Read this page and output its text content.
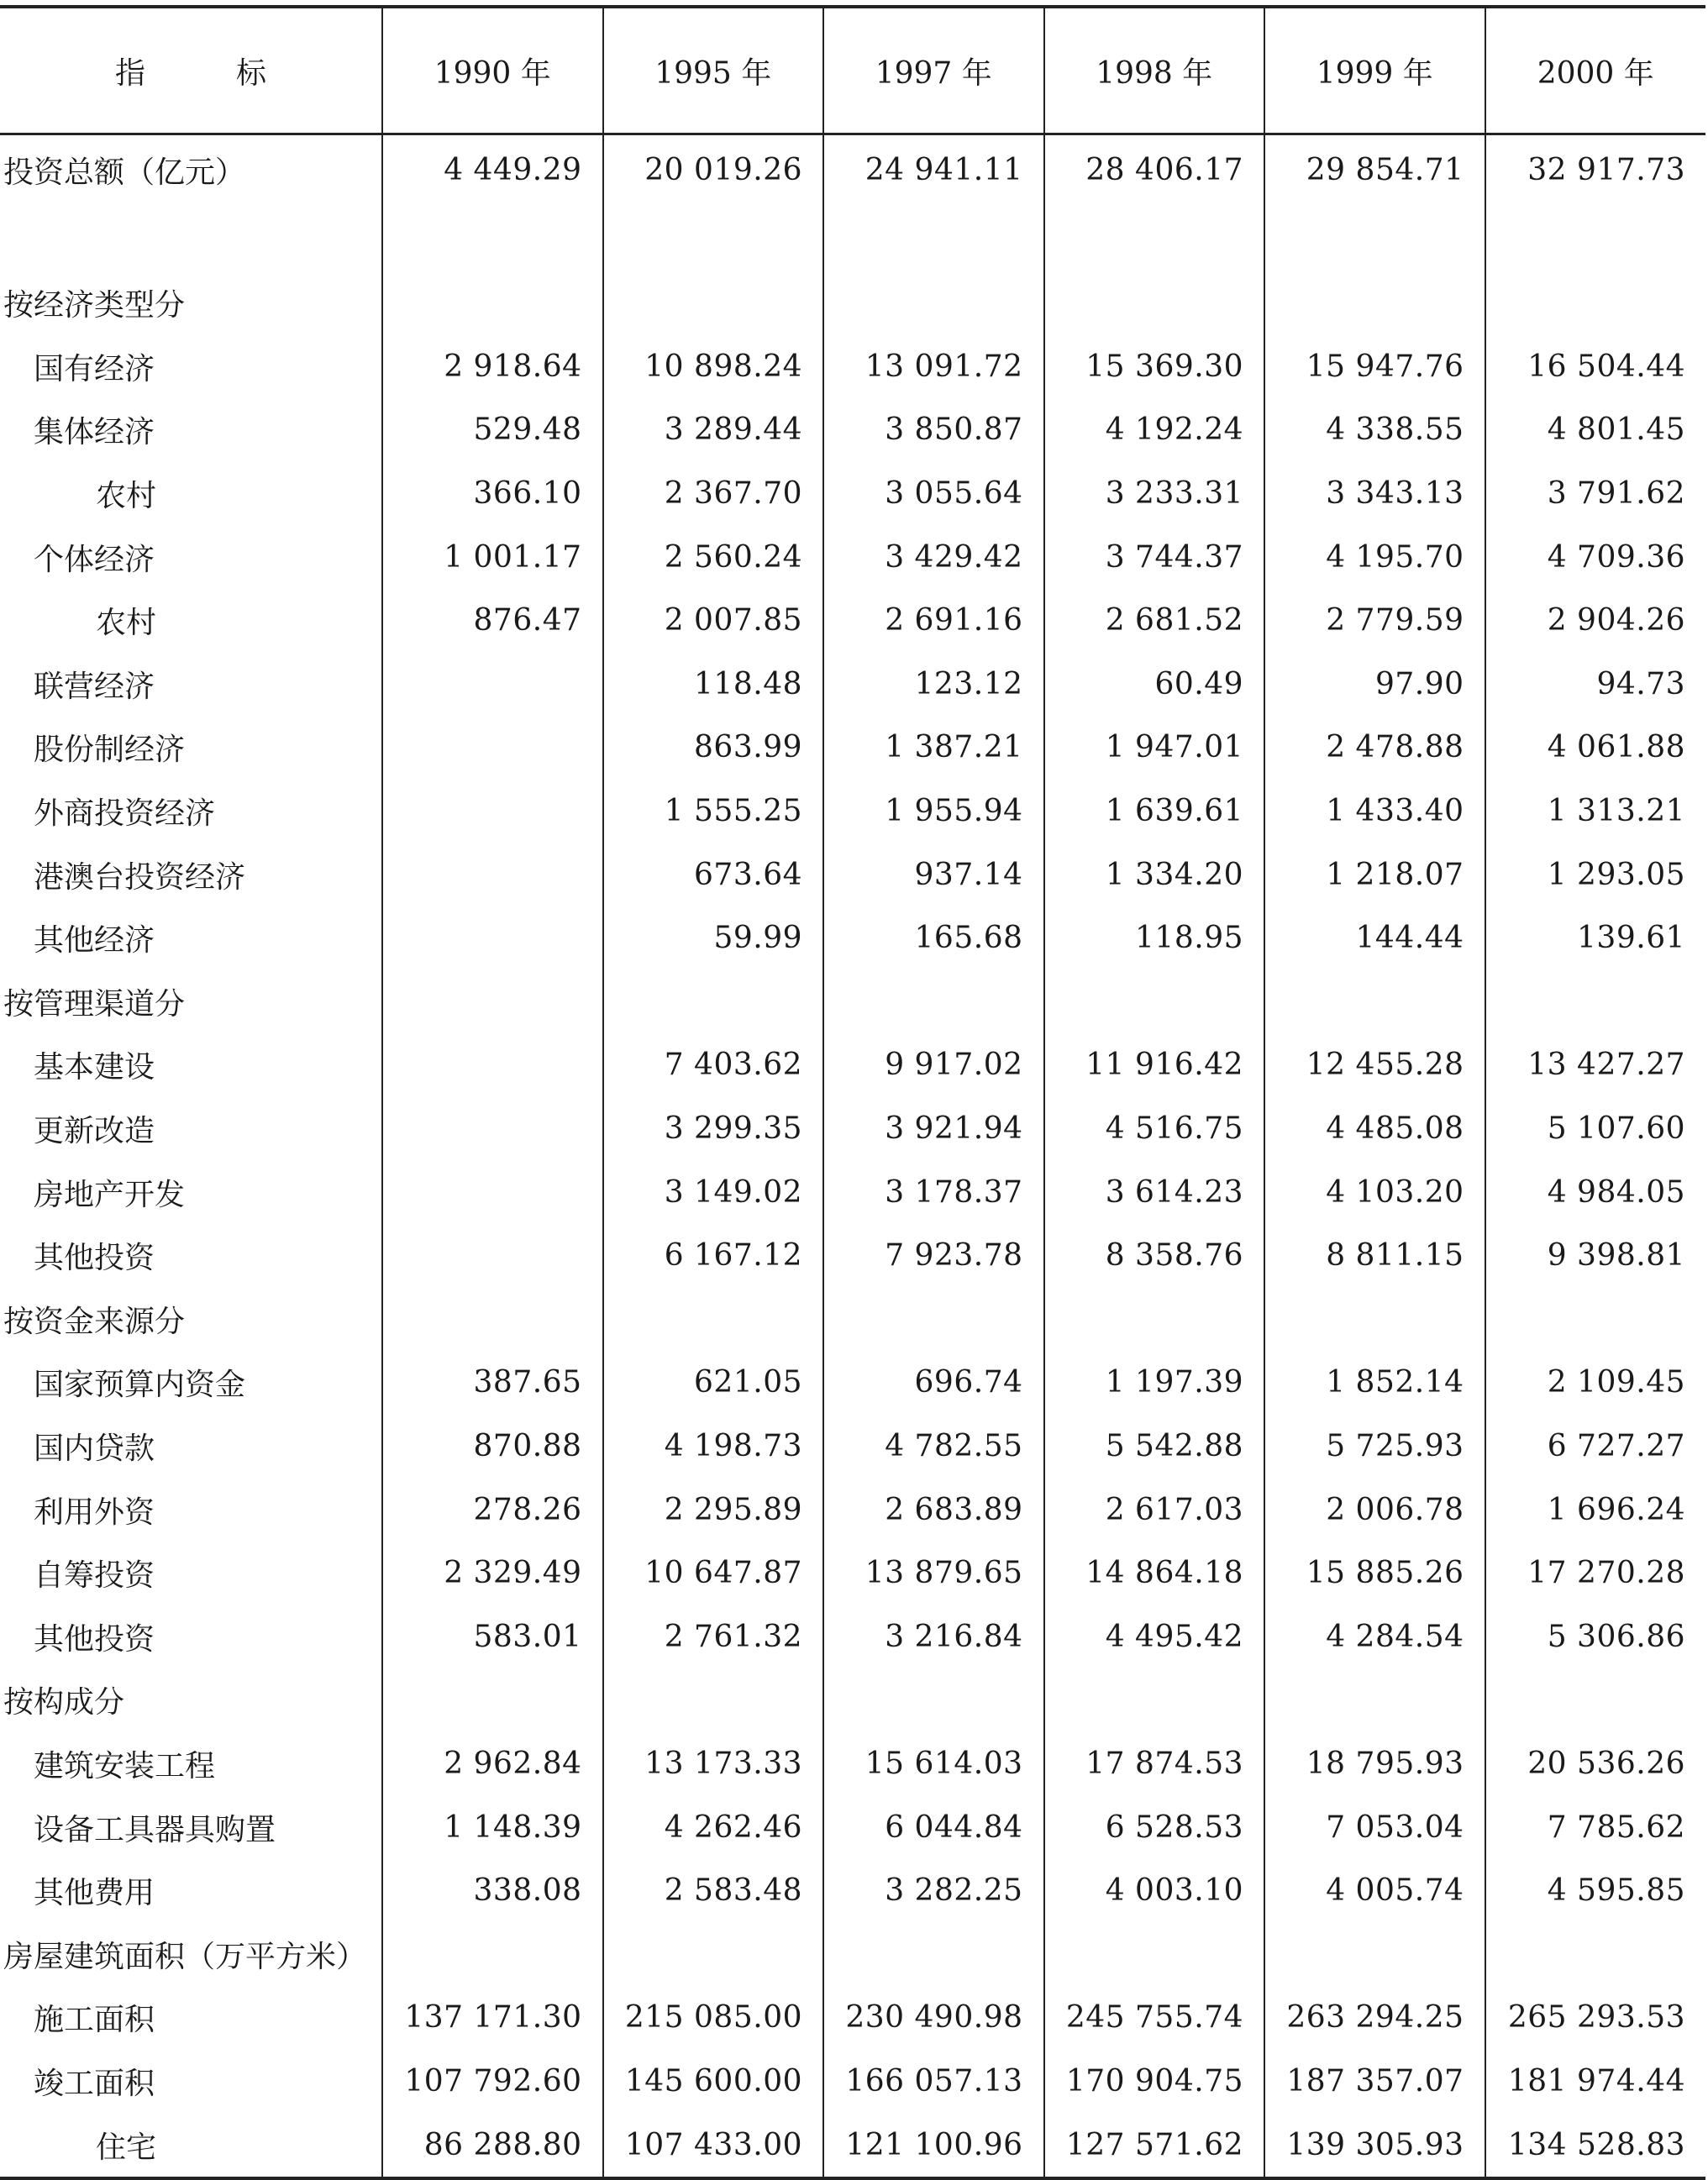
指　　　标	1990 年	1995 年	1997 年	1998 年	1999 年	2000 年
投资总额（亿元）	4 449.29	20 019.26	24 941.11	28 406.17	29 854.71	32 917.73

按经济类型分						
国有经济	2 918.64	10 898.24	13 091.72	15 369.30	15 947.76	16 504.44
集体经济	529.48	3 289.44	3 850.87	4 192.24	4 338.55	4 801.45
农村	366.10	2 367.70	3 055.64	3 233.31	3 343.13	3 791.62
个体经济	1 001.17	2 560.24	3 429.42	3 744.37	4 195.70	4 709.36
农村	876.47	2 007.85	2 691.16	2 681.52	2 779.59	2 904.26
联营经济		118.48	123.12	60.49	97.90	94.73
股份制经济		863.99	1 387.21	1 947.01	2 478.88	4 061.88
外商投资经济		1 555.25	1 955.94	1 639.61	1 433.40	1 313.21
港澳台投资经济		673.64	937.14	1 334.20	1 218.07	1 293.05
其他经济		59.99	165.68	118.95	144.44	139.61
按管理渠道分						
基本建设		7 403.62	9 917.02	11 916.42	12 455.28	13 427.27
更新改造		3 299.35	3 921.94	4 516.75	4 485.08	5 107.60
房地产开发		3 149.02	3 178.37	3 614.23	4 103.20	4 984.05
其他投资		6 167.12	7 923.78	8 358.76	8 811.15	9 398.81
按资金来源分						
国家预算内资金	387.65	621.05	696.74	1 197.39	1 852.14	2 109.45
国内贷款	870.88	4 198.73	4 782.55	5 542.88	5 725.93	6 727.27
利用外资	278.26	2 295.89	2 683.89	2 617.03	2 006.78	1 696.24
自筹投资	2 329.49	10 647.87	13 879.65	14 864.18	15 885.26	17 270.28
其他投资	583.01	2 761.32	3 216.84	4 495.42	4 284.54	5 306.86
按构成分						
建筑安装工程	2 962.84	13 173.33	15 614.03	17 874.53	18 795.93	20 536.26
设备工具器具购置	1 148.39	4 262.46	6 044.84	6 528.53	7 053.04	7 785.62
其他费用	338.08	2 583.48	3 282.25	4 003.10	4 005.74	4 595.85
房屋建筑面积（万平方米）						
施工面积	137 171.30	215 085.00	230 490.98	245 755.74	263 294.25	265 293.53
竣工面积	107 792.60	145 600.00	166 057.13	170 904.75	187 357.07	181 974.44
住宅	86 288.80	107 433.00	121 100.96	127 571.62	139 305.93	134 528.83
